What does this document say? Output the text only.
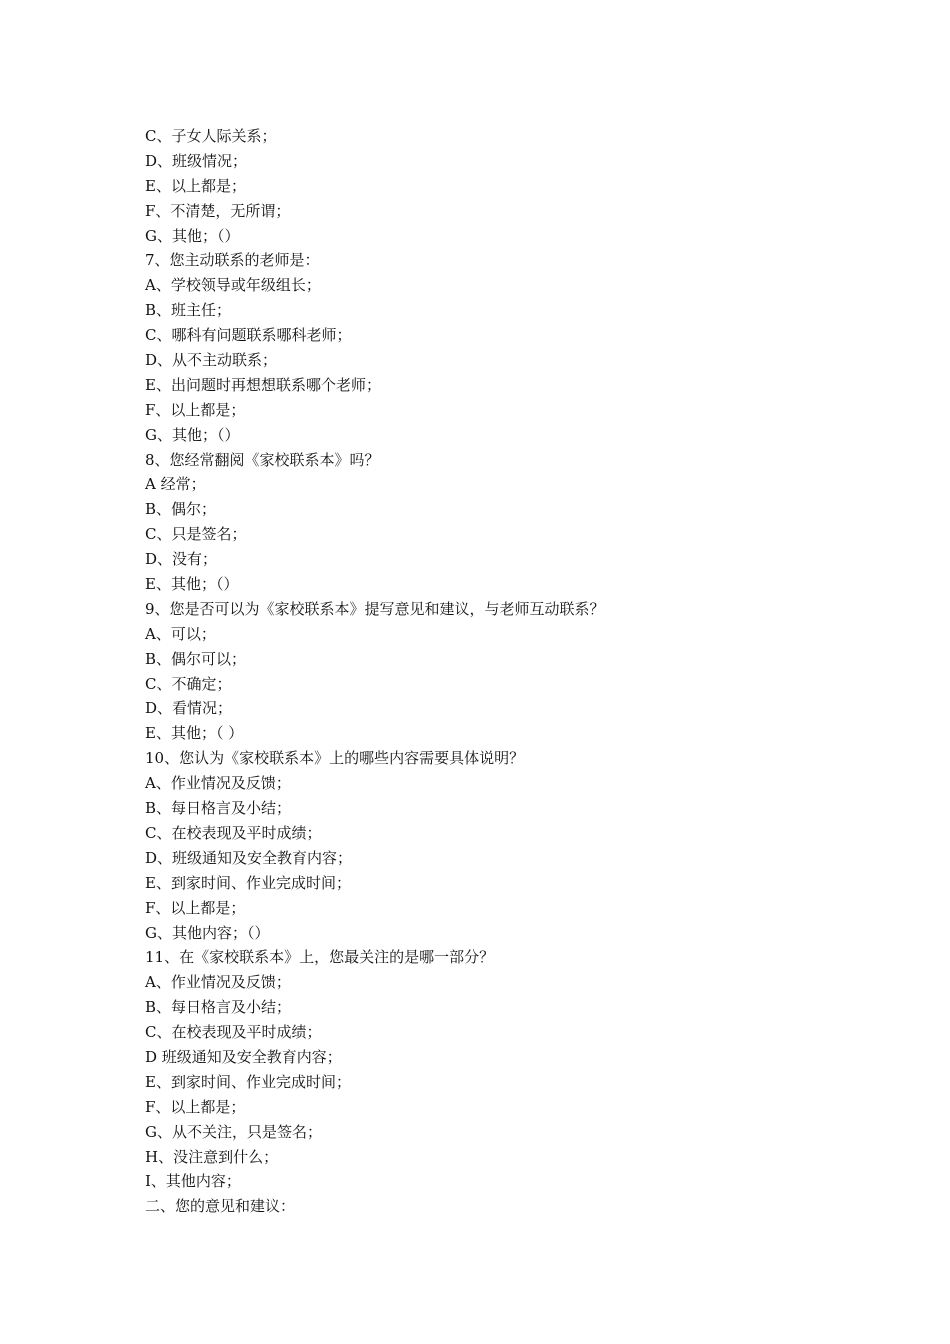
C、子女人际关系；
D、班级情况；
E、以上都是；
F、不清楚，无所谓；
G、其他；（）
7、您主动联系的老师是：
A、学校领导或年级组长；
B、班主任；
C、哪科有问题联系哪科老师；
D、从不主动联系；
E、出问题时再想想联系哪个老师；
F、以上都是；
G、其他；（）
8、您经常翻阅《家校联系本》吗？
A 经常；
B、偶尔；
C、只是签名；
D、没有；
E、其他；（）
9、您是否可以为《家校联系本》提写意见和建议，与老师互动联系？
A、可以；
B、偶尔可以；
C、不确定；
D、看情况；
E、其他；（ ）
10、您认为《家校联系本》上的哪些内容需要具体说明？
A、作业情况及反馈；
B、每日格言及小结；
C、在校表现及平时成绩；
D、班级通知及安全教育内容；
E、到家时间、作业完成时间；
F、以上都是；
G、其他内容；（）
11、在《家校联系本》上，您最关注的是哪一部分？
A、作业情况及反馈；
B、每日格言及小结；
C、在校表现及平时成绩；
D 班级通知及安全教育内容；
E、到家时间、作业完成时间；
F、以上都是；
G、从不关注，只是签名；
H、没注意到什么；
I、其他内容；
二、您的意见和建议：
